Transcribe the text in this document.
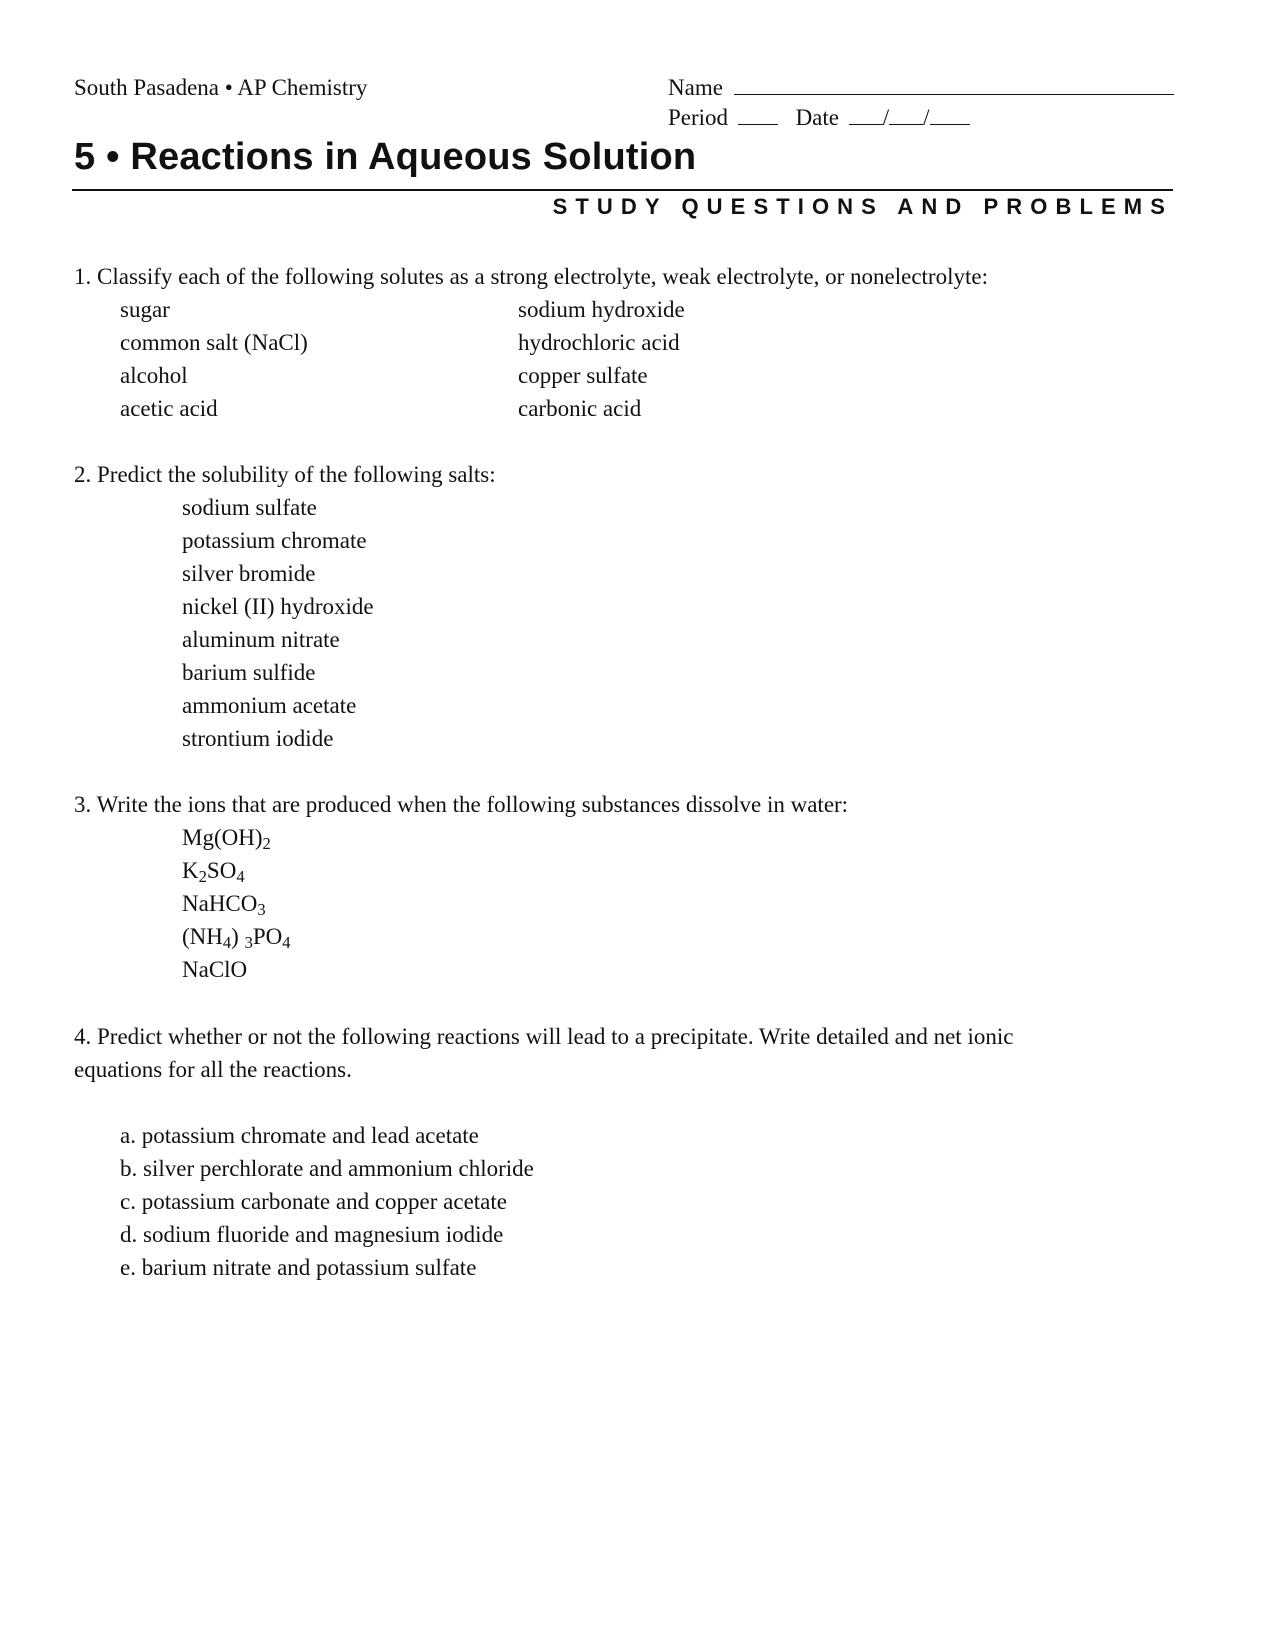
South Pasadena • AP Chemistry	Name
Period	Date / /
5 • Reactions in Aqueous Solution
STUDY QUESTIONS AND PROBLEMS
1. Classify each of the following solutes as a strong electrolyte, weak electrolyte, or nonelectrolyte:
sugar
common salt (NaCl)
alcohol
acetic acid
sodium hydroxide
hydrochloric acid
copper sulfate
carbonic acid
2. Predict the solubility of the following salts:
sodium sulfate
potassium chromate
silver bromide
nickel (II) hydroxide
aluminum nitrate
barium sulfide
ammonium acetate
strontium iodide
3. Write the ions that are produced when the following substances dissolve in water:
$Mg(OH)_2$
$K_2SO_4$
NaHCO$_3$
$(NH_4)$ $_3PO_4$
NaClO
4. Predict whether or not the following reactions will lead to a precipitate. Write detailed and net ionic
equations for all the reactions.
a. potassium chromate and lead acetate
b. silver perchlorate and ammonium chloride
c. potassium carbonate and copper acetate
d. sodium fluoride and magnesium iodide
e. barium nitrate and potassium sulfate
